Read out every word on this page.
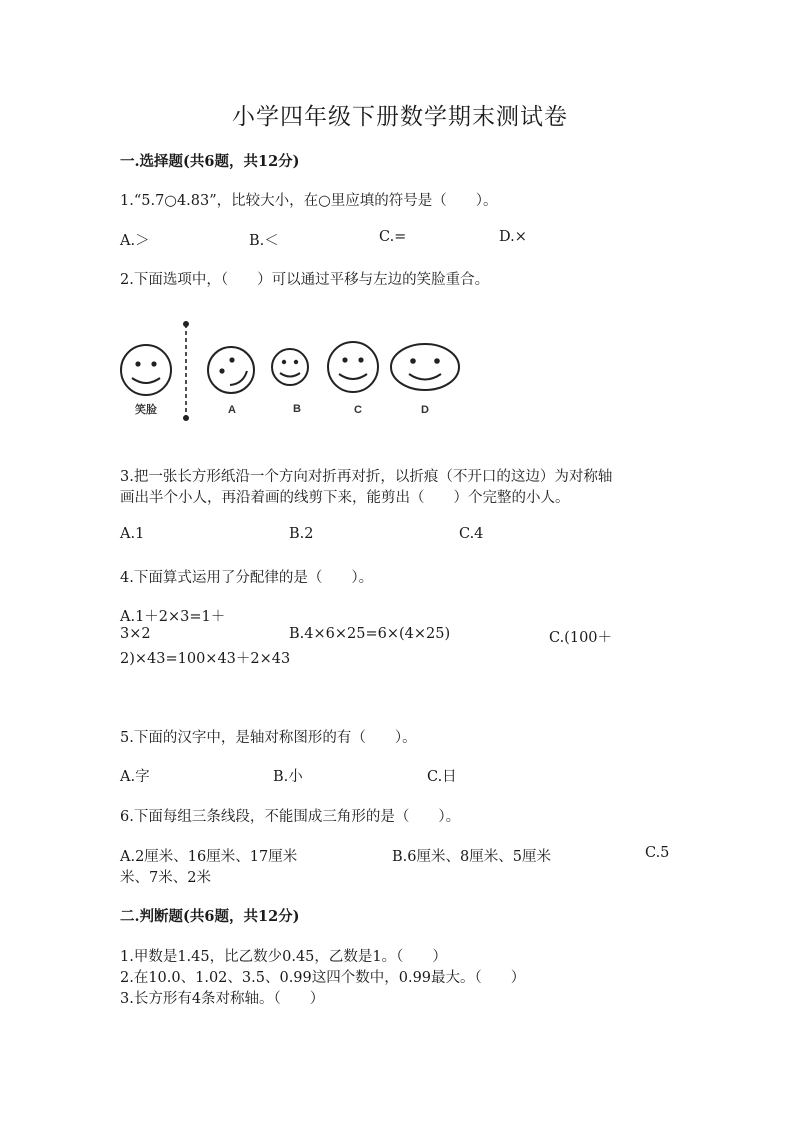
小学四年级下册数学期末测试卷
一.选择题(共6题，共12分)
1.“5.7○4.83”，比较大小，在○里应填的符号是（　　）。
A.＞	B.＜	C.=	D.×
2.下面选项中，（　　）可以通过平移与左边的笑脸重合。
笑脸	A	B	C	D
3.把一张长方形纸沿一个方向对折再对折，以折痕（不开口的这边）为对称轴
画出半个小人，再沿着画的线剪下来，能剪出（　　）个完整的小人。
A.1	B.2	C.4
4.下面算式运用了分配律的是（　　）。
A.1＋2×3=1＋
3×2	B.4×6×25=6×(4×25)	C.(100＋
2)×43=100×43＋2×43
5.下面的汉字中，是轴对称图形的有（　　）。
A.字	B.小	C.日
6.下面每组三条线段，不能围成三角形的是（　　）。
A.2厘米、16厘米、17厘米	B.6厘米、8厘米、5厘米	C.5
米、7米、2米
二.判断题(共6题，共12分)
1.甲数是1.45，比乙数少0.45，乙数是1。（　　）
2.在10.0、1.02、3.5、0.99这四个数中，0.99最大。（　　）
3.长方形有4条对称轴。（　　）
